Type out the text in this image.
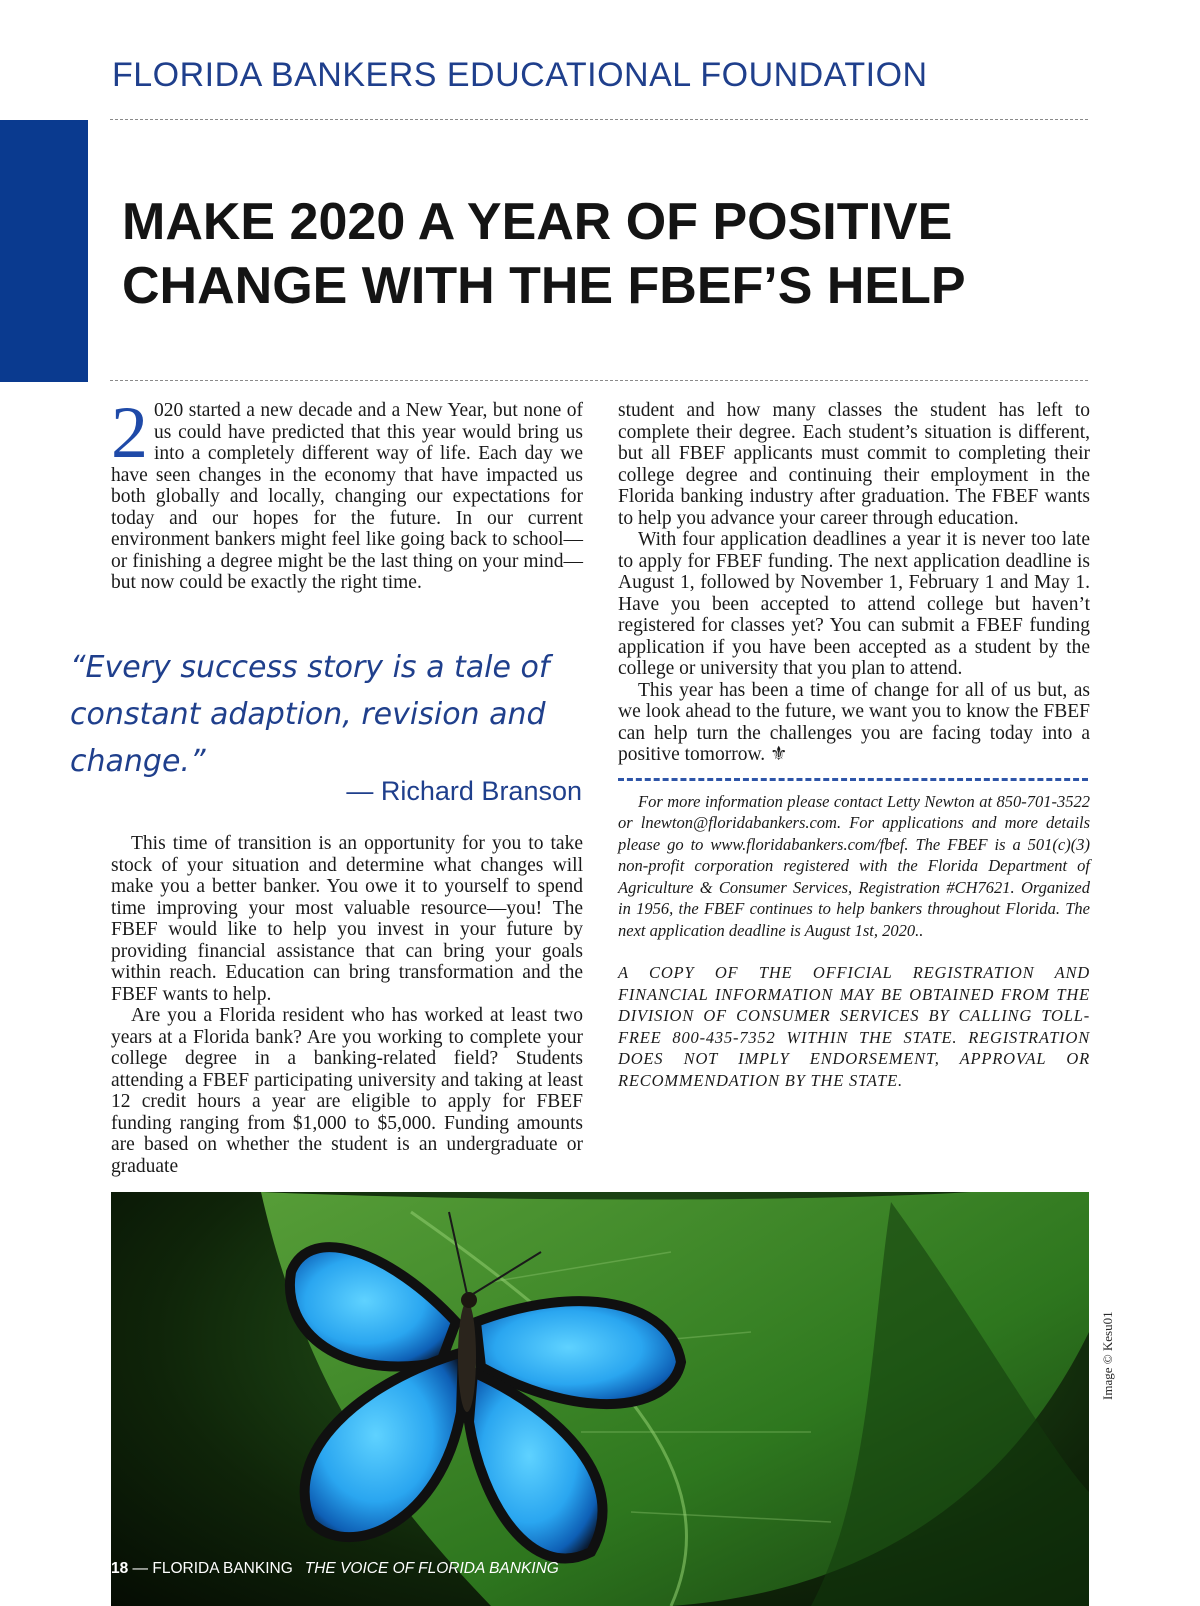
FLORIDA BANKERS EDUCATIONAL FOUNDATION
MAKE 2020 A YEAR OF POSITIVE
CHANGE WITH THE FBEF’S HELP

2 020 started a new decade and a New Year, but none of us could have predicted that this year would bring us into a completely different way of life. Each day we have seen changes in the economy that have impacted us both globally and locally, changing our expectations for today and our hopes for the future. In our current environment bankers might feel like going back to school—or finishing a degree might be the last thing on your mind—but now could be exactly the right time.

“Every success story is a tale of constant adaption, revision and change.”
— Richard Branson

This time of transition is an opportunity for you to take stock of your situation and determine what changes will make you a better banker. You owe it to yourself to spend time improving your most valuable resource—you! The FBEF would like to help you invest in your future by providing financial assistance that can bring your goals within reach. Education can bring transformation and the FBEF wants to help.

Are you a Florida resident who has worked at least two years at a Florida bank? Are you working to complete your college degree in a banking-related field? Students attending a FBEF participating university and taking at least 12 credit hours a year are eligible to apply for FBEF funding ranging from $1,000 to $5,000. Funding amounts are based on whether the student is an undergraduate or graduate

student and how many classes the student has left to complete their degree. Each student’s situation is different, but all FBEF applicants must commit to completing their college degree and continuing their employment in the Florida banking industry after graduation. The FBEF wants to help you advance your career through education.

With four application deadlines a year it is never too late to apply for FBEF funding. The next application deadline is August 1, followed by November 1, February 1 and May 1. Have you been accepted to attend college but haven’t registered for classes yet? You can submit a FBEF funding application if you have been accepted as a student by the college or university that you plan to attend.

This year has been a time of change for all of us but, as we look ahead to the future, we want you to know the FBEF can help turn the challenges you are facing today into a positive tomorrow. ⚜

For more information please contact Letty Newton at 850-701-3522 or lnewton@floridabankers.com. For applications and more details please go to www.floridabankers.com/fbef. The FBEF is a 501(c)(3) non-profit corporation registered with the Florida Department of Agriculture & Consumer Services, Registration #CH7621. Organized in 1956, the FBEF continues to help bankers throughout Florida. The next application deadline is August 1st, 2020..

A COPY OF THE OFFICIAL REGISTRATION AND FINANCIAL INFORMATION MAY BE OBTAINED FROM THE DIVISION OF CONSUMER SERVICES BY CALLING TOLL-FREE 800-435-7352 WITHIN THE STATE. REGISTRATION DOES NOT IMPLY ENDORSEMENT, APPROVAL OR RECOMMENDATION BY THE STATE.

Image © Kesu01
18 — FLORIDA BANKING THE VOICE OF FLORIDA BANKING
